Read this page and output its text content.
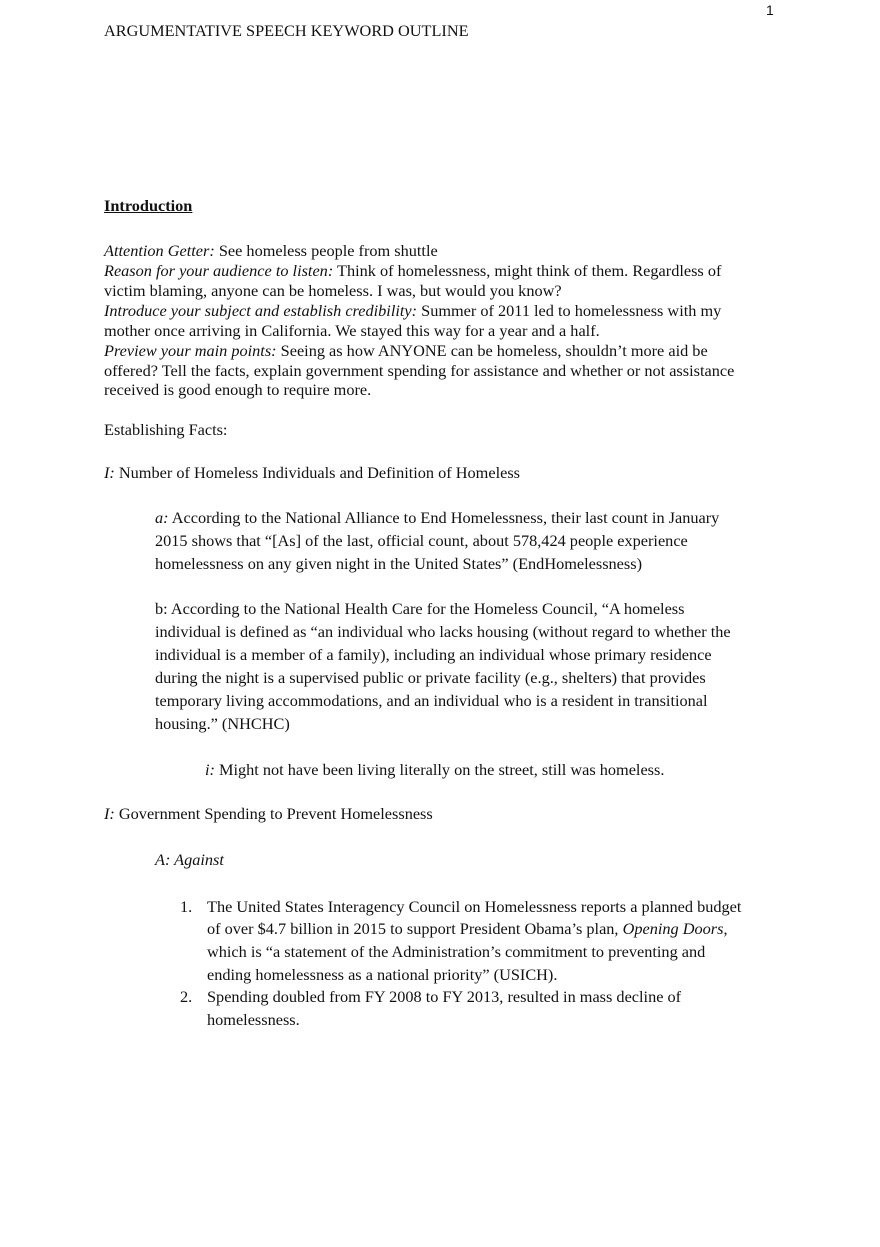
1
ARGUMENTATIVE SPEECH KEYWORD OUTLINE
Introduction
Attention Getter: See homeless people from shuttle
Reason for your audience to listen: Think of homelessness, might think of them. Regardless of
victim blaming, anyone can be homeless. I was, but would you know?
Introduce your subject and establish credibility: Summer of 2011 led to homelessness with my
mother once arriving in California. We stayed this way for a year and a half.
Preview your main points: Seeing as how ANYONE can be homeless, shouldn’t more aid be
offered? Tell the facts, explain government spending for assistance and whether or not assistance
received is good enough to require more.
Establishing Facts:
I: Number of Homeless Individuals and Definition of Homeless
a: According to the National Alliance to End Homelessness, their last count in January
2015 shows that “[As] of the last, official count, about 578,424 people experience
homelessness on any given night in the United States” (EndHomelessness)
b: According to the National Health Care for the Homeless Council, “A homeless
individual is defined as “an individual who lacks housing (without regard to whether the
individual is a member of a family), including an individual whose primary residence
during the night is a supervised public or private facility (e.g., shelters) that provides
temporary living accommodations, and an individual who is a resident in transitional
housing.” (NHCHC)
i: Might not have been living literally on the street, still was homeless.
I: Government Spending to Prevent Homelessness
A: Against
1. The United States Interagency Council on Homelessness reports a planned budget
of over $4.7 billion in 2015 to support President Obama’s plan, Opening Doors,
which is “a statement of the Administration’s commitment to preventing and
ending homelessness as a national priority” (USICH).
2. Spending doubled from FY 2008 to FY 2013, resulted in mass decline of
homelessness.
